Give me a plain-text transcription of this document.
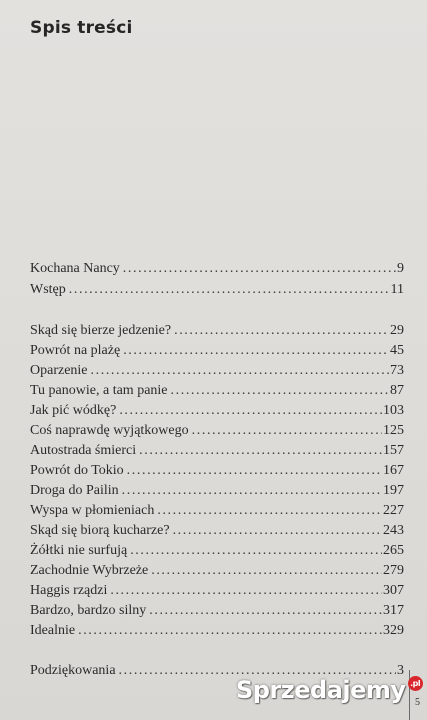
Spis treści
Kochana Nancy .....	9
Wstęp .....	11
Skąd się bierze jedzenie? .....	29
Powrót na plażę .....	45
Oparzenie .....	73
Tu panowie, a tam panie .....	87
Jak pić wódkę? .....	103
Coś naprawdę wyjątkowego .....	125
Autostrada śmierci .....	157
Powrót do Tokio .....	167
Droga do Pailin .....	197
Wyspa w płomieniach .....	227
Skąd się biorą kucharze? .....	243
Żółtki nie surfują .....	265
Zachodnie Wybrzeże .....	279
Haggis rządzi .....	307
Bardzo, bardzo silny .....	317
Idealnie .....	329
Podziękowania .....	3
5
Sprzedajemy .pl
